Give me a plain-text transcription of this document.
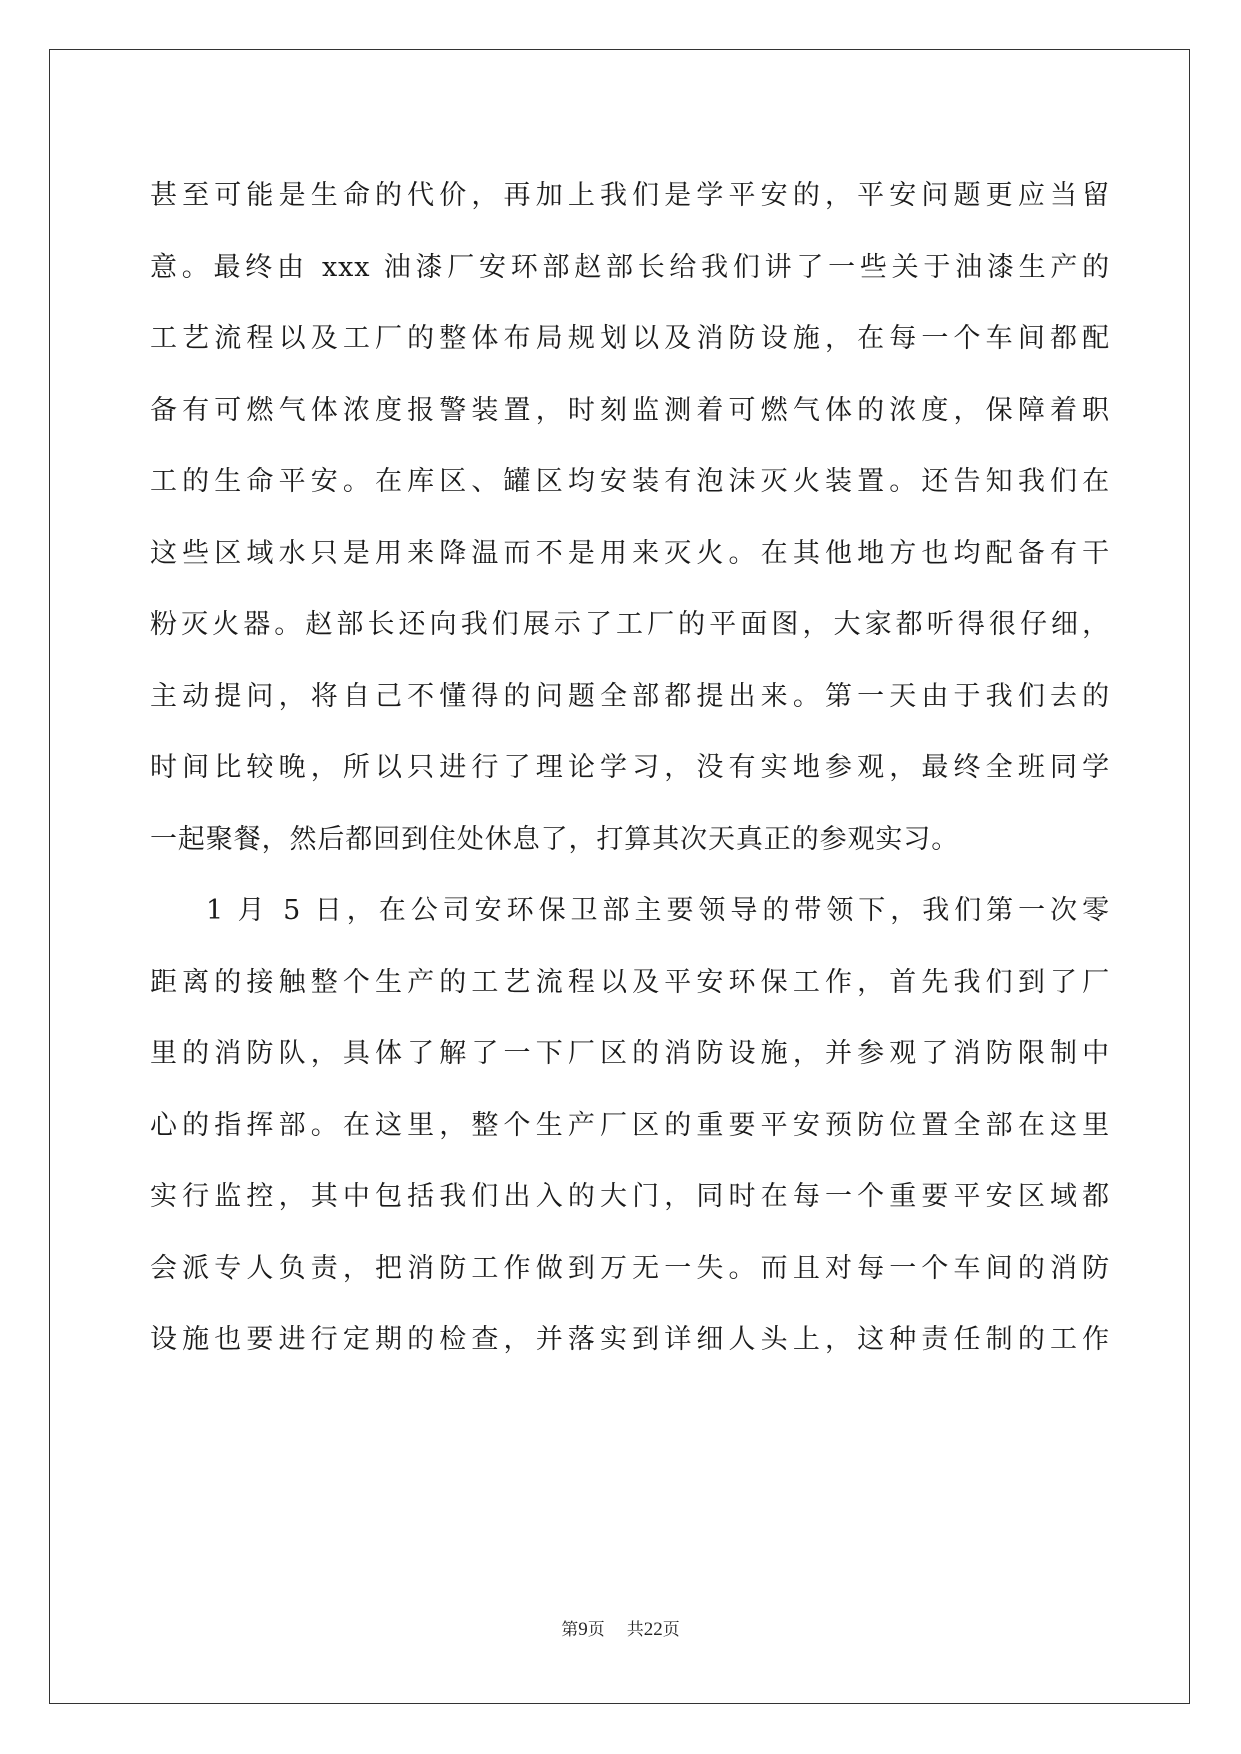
甚至可能是生命的代价，再加上我们是学平安的，平安问题更应当留
意。最终由 xxx 油漆厂安环部赵部长给我们讲了一些关于油漆生产的
工艺流程以及工厂的整体布局规划以及消防设施，在每一个车间都配
备有可燃气体浓度报警装置，时刻监测着可燃气体的浓度，保障着职
工的生命平安。在库区、罐区均安装有泡沫灭火装置。还告知我们在
这些区域水只是用来降温而不是用来灭火。在其他地方也均配备有干
粉灭火器。赵部长还向我们展示了工厂的平面图，大家都听得很仔细，
主动提问，将自己不懂得的问题全部都提出来。第一天由于我们去的
时间比较晚，所以只进行了理论学习，没有实地参观，最终全班同学
一起聚餐，然后都回到住处休息了，打算其次天真正的参观实习。
1 月 5 日，在公司安环保卫部主要领导的带领下，我们第一次零
距离的接触整个生产的工艺流程以及平安环保工作，首先我们到了厂
里的消防队，具体了解了一下厂区的消防设施，并参观了消防限制中
心的指挥部。在这里，整个生产厂区的重要平安预防位置全部在这里
实行监控，其中包括我们出入的大门，同时在每一个重要平安区域都
会派专人负责，把消防工作做到万无一失。而且对每一个车间的消防
设施也要进行定期的检查，并落实到详细人头上，这种责任制的工作
第9页 共22页
